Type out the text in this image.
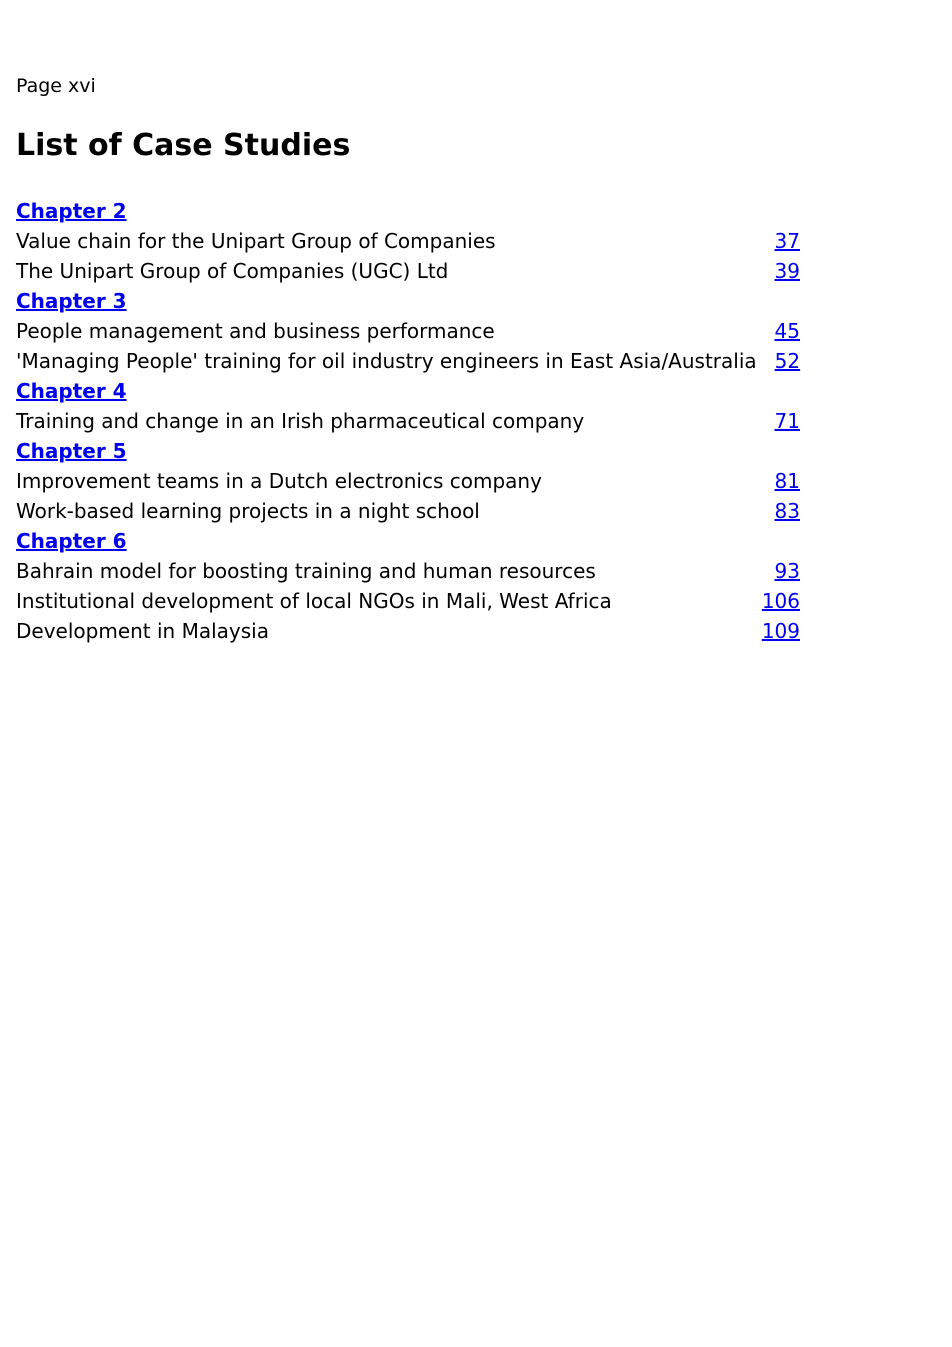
Page xvi
List of Case Studies
Chapter 2
Value chain for the Unipart Group of Companies	37
The Unipart Group of Companies (UGC) Ltd	39
Chapter 3
People management and business performance	45
'Managing People' training for oil industry engineers in East Asia/Australia 52
Chapter 4
Training and change in an Irish pharmaceutical company	71
Chapter 5
Improvement teams in a Dutch electronics company	81
Work-based learning projects in a night school	83
Chapter 6
Bahrain model for boosting training and human resources	93
Institutional development of local NGOs in Mali, West Africa	106
Development in Malaysia	109
